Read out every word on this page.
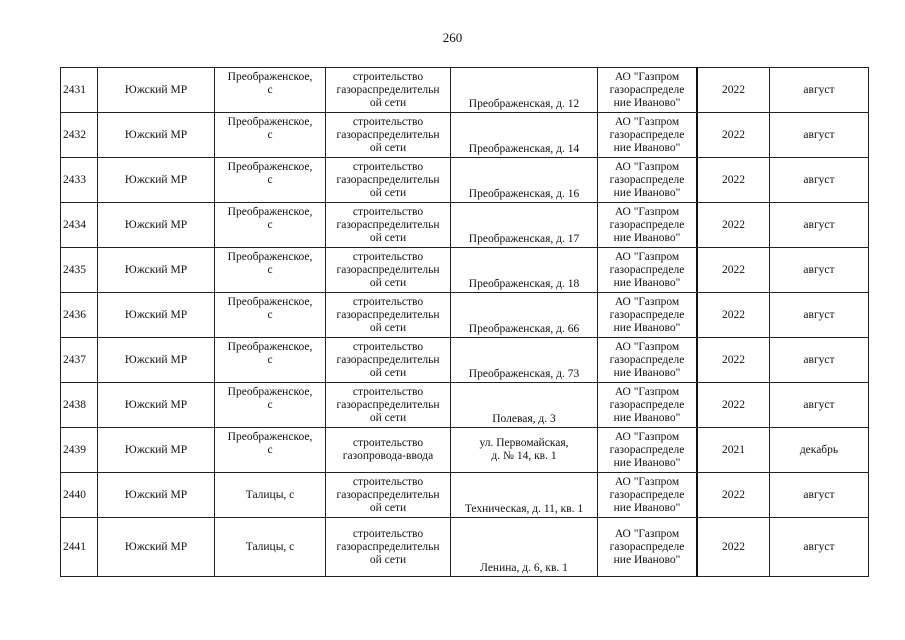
260
2431	Южский МР	Преображенское,
с	строительство
газораспределительн
ой сети	Преображенская, д. 12	АО "Газпром
газораспределе
ние Иваново"	2022	август
2432	Южский МР	Преображенское,
с	строительство
газораспределительн
ой сети	Преображенская, д. 14	АО "Газпром
газораспределе
ние Иваново"	2022	август
2433	Южский МР	Преображенское,
с	строительство
газораспределительн
ой сети	Преображенская, д. 16	АО "Газпром
газораспределе
ние Иваново"	2022	август
2434	Южский МР	Преображенское,
с	строительство
газораспределительн
ой сети	Преображенская, д. 17	АО "Газпром
газораспределе
ние Иваново"	2022	август
2435	Южский МР	Преображенское,
с	строительство
газораспределительн
ой сети	Преображенская, д. 18	АО "Газпром
газораспределе
ние Иваново"	2022	август
2436	Южский МР	Преображенское,
с	строительство
газораспределительн
ой сети	Преображенская, д. 66	АО "Газпром
газораспределе
ние Иваново"	2022	август
2437	Южский МР	Преображенское,
с	строительство
газораспределительн
ой сети	Преображенская, д. 73	АО "Газпром
газораспределе
ние Иваново"	2022	август
2438	Южский МР	Преображенское,
с	строительство
газораспределительн
ой сети	Полевая, д. 3	АО "Газпром
газораспределе
ние Иваново"	2022	август
2439	Южский МР	Преображенское,
с	строительство
газопровода-ввода	ул. Первомайская,
д. № 14, кв. 1	АО "Газпром
газораспределе
ние Иваново"	2021	декабрь
2440	Южский МР	Талицы, с	строительство
газораспределительн
ой сети	Техническая, д. 11, кв. 1	АО "Газпром
газораспределе
ние Иваново"	2022	август
2441	Южский МР	Талицы, с	строительство
газораспределительн
ой сети	Ленина, д. 6, кв. 1	АО "Газпром
газораспределе
ние Иваново"	2022	август
